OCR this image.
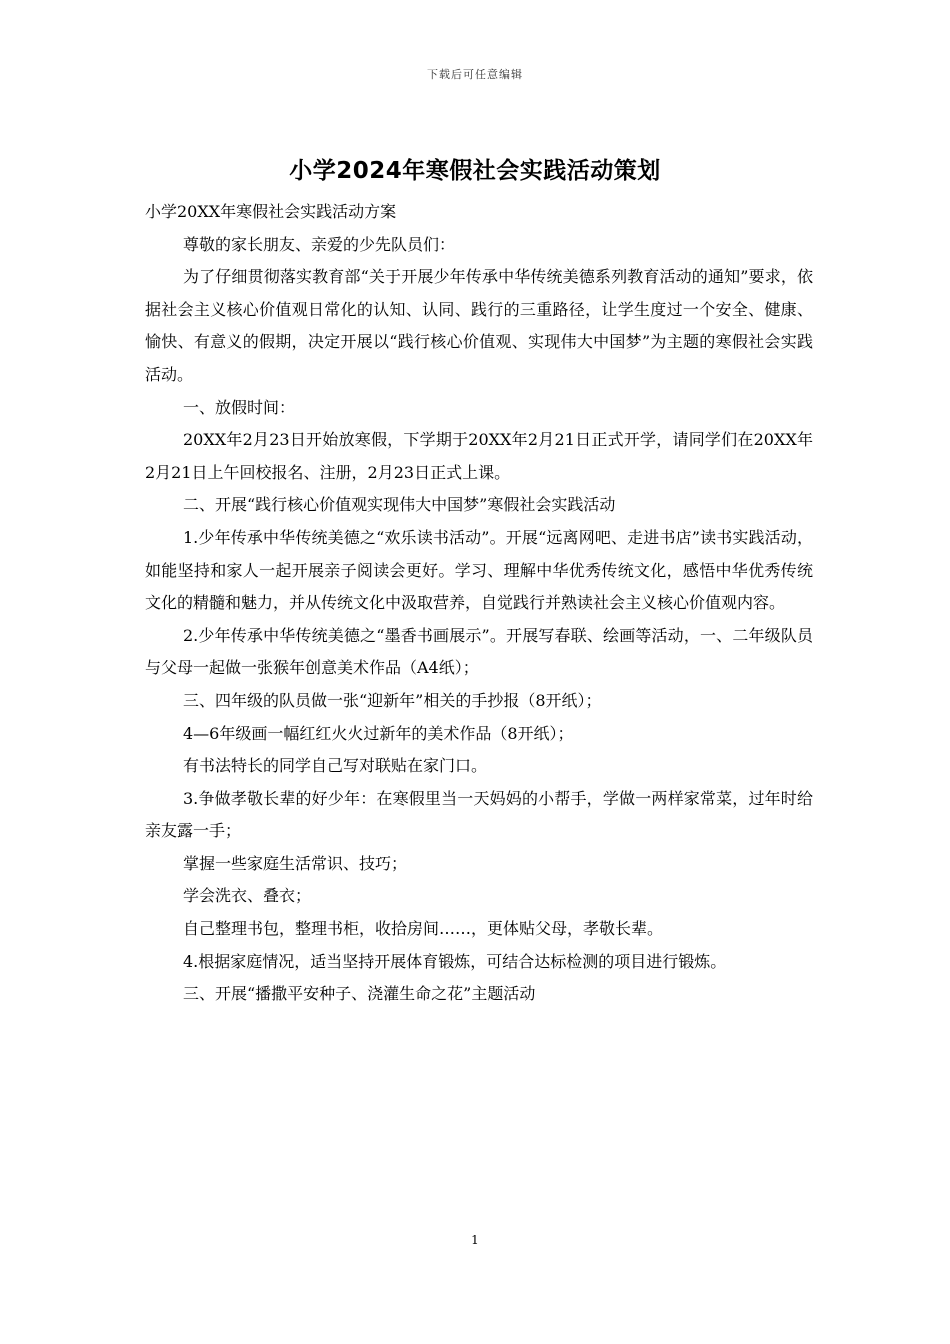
下载后可任意编辑
小学2024年寒假社会实践活动策划

小学20XX年寒假社会实践活动方案

尊敬的家长朋友、亲爱的少先队员们：

为了仔细贯彻落实教育部“关于开展少年传承中华传统美德系列教育活动的通知”要求，依据社会主义核心价值观日常化的认知、认同、践行的三重路径，让学生度过一个安全、健康、愉快、有意义的假期，决定开展以“践行核心价值观、实现伟大中国梦”为主题的寒假社会实践活动。

一、放假时间：

20XX年2月23日开始放寒假，下学期于20XX年2月21日正式开学，请同学们在20XX年2月21日上午回校报名、注册，2月23日正式上课。

二、开展“践行核心价值观实现伟大中国梦”寒假社会实践活动

1.少年传承中华传统美德之“欢乐读书活动”。开展“远离网吧、走进书店”读书实践活动，如能坚持和家人一起开展亲子阅读会更好。学习、理解中华优秀传统文化，感悟中华优秀传统文化的精髓和魅力，并从传统文化中汲取营养，自觉践行并熟读社会主义核心价值观内容。

2.少年传承中华传统美德之“墨香书画展示”。开展写春联、绘画等活动，一、二年级队员与父母一起做一张猴年创意美术作品（A4纸）；

三、四年级的队员做一张“迎新年”相关的手抄报（8开纸）；

4—6年级画一幅红红火火过新年的美术作品（8开纸）；

有书法特长的同学自己写对联贴在家门口。

3.争做孝敬长辈的好少年：在寒假里当一天妈妈的小帮手，学做一两样家常菜，过年时给亲友露一手；

掌握一些家庭生活常识、技巧；

学会洗衣、叠衣；

自己整理书包，整理书柜，收拾房间……，更体贴父母，孝敬长辈。

4.根据家庭情况，适当坚持开展体育锻炼，可结合达标检测的项目进行锻炼。

三、开展“播撒平安种子、浇灌生命之花”主题活动

1
